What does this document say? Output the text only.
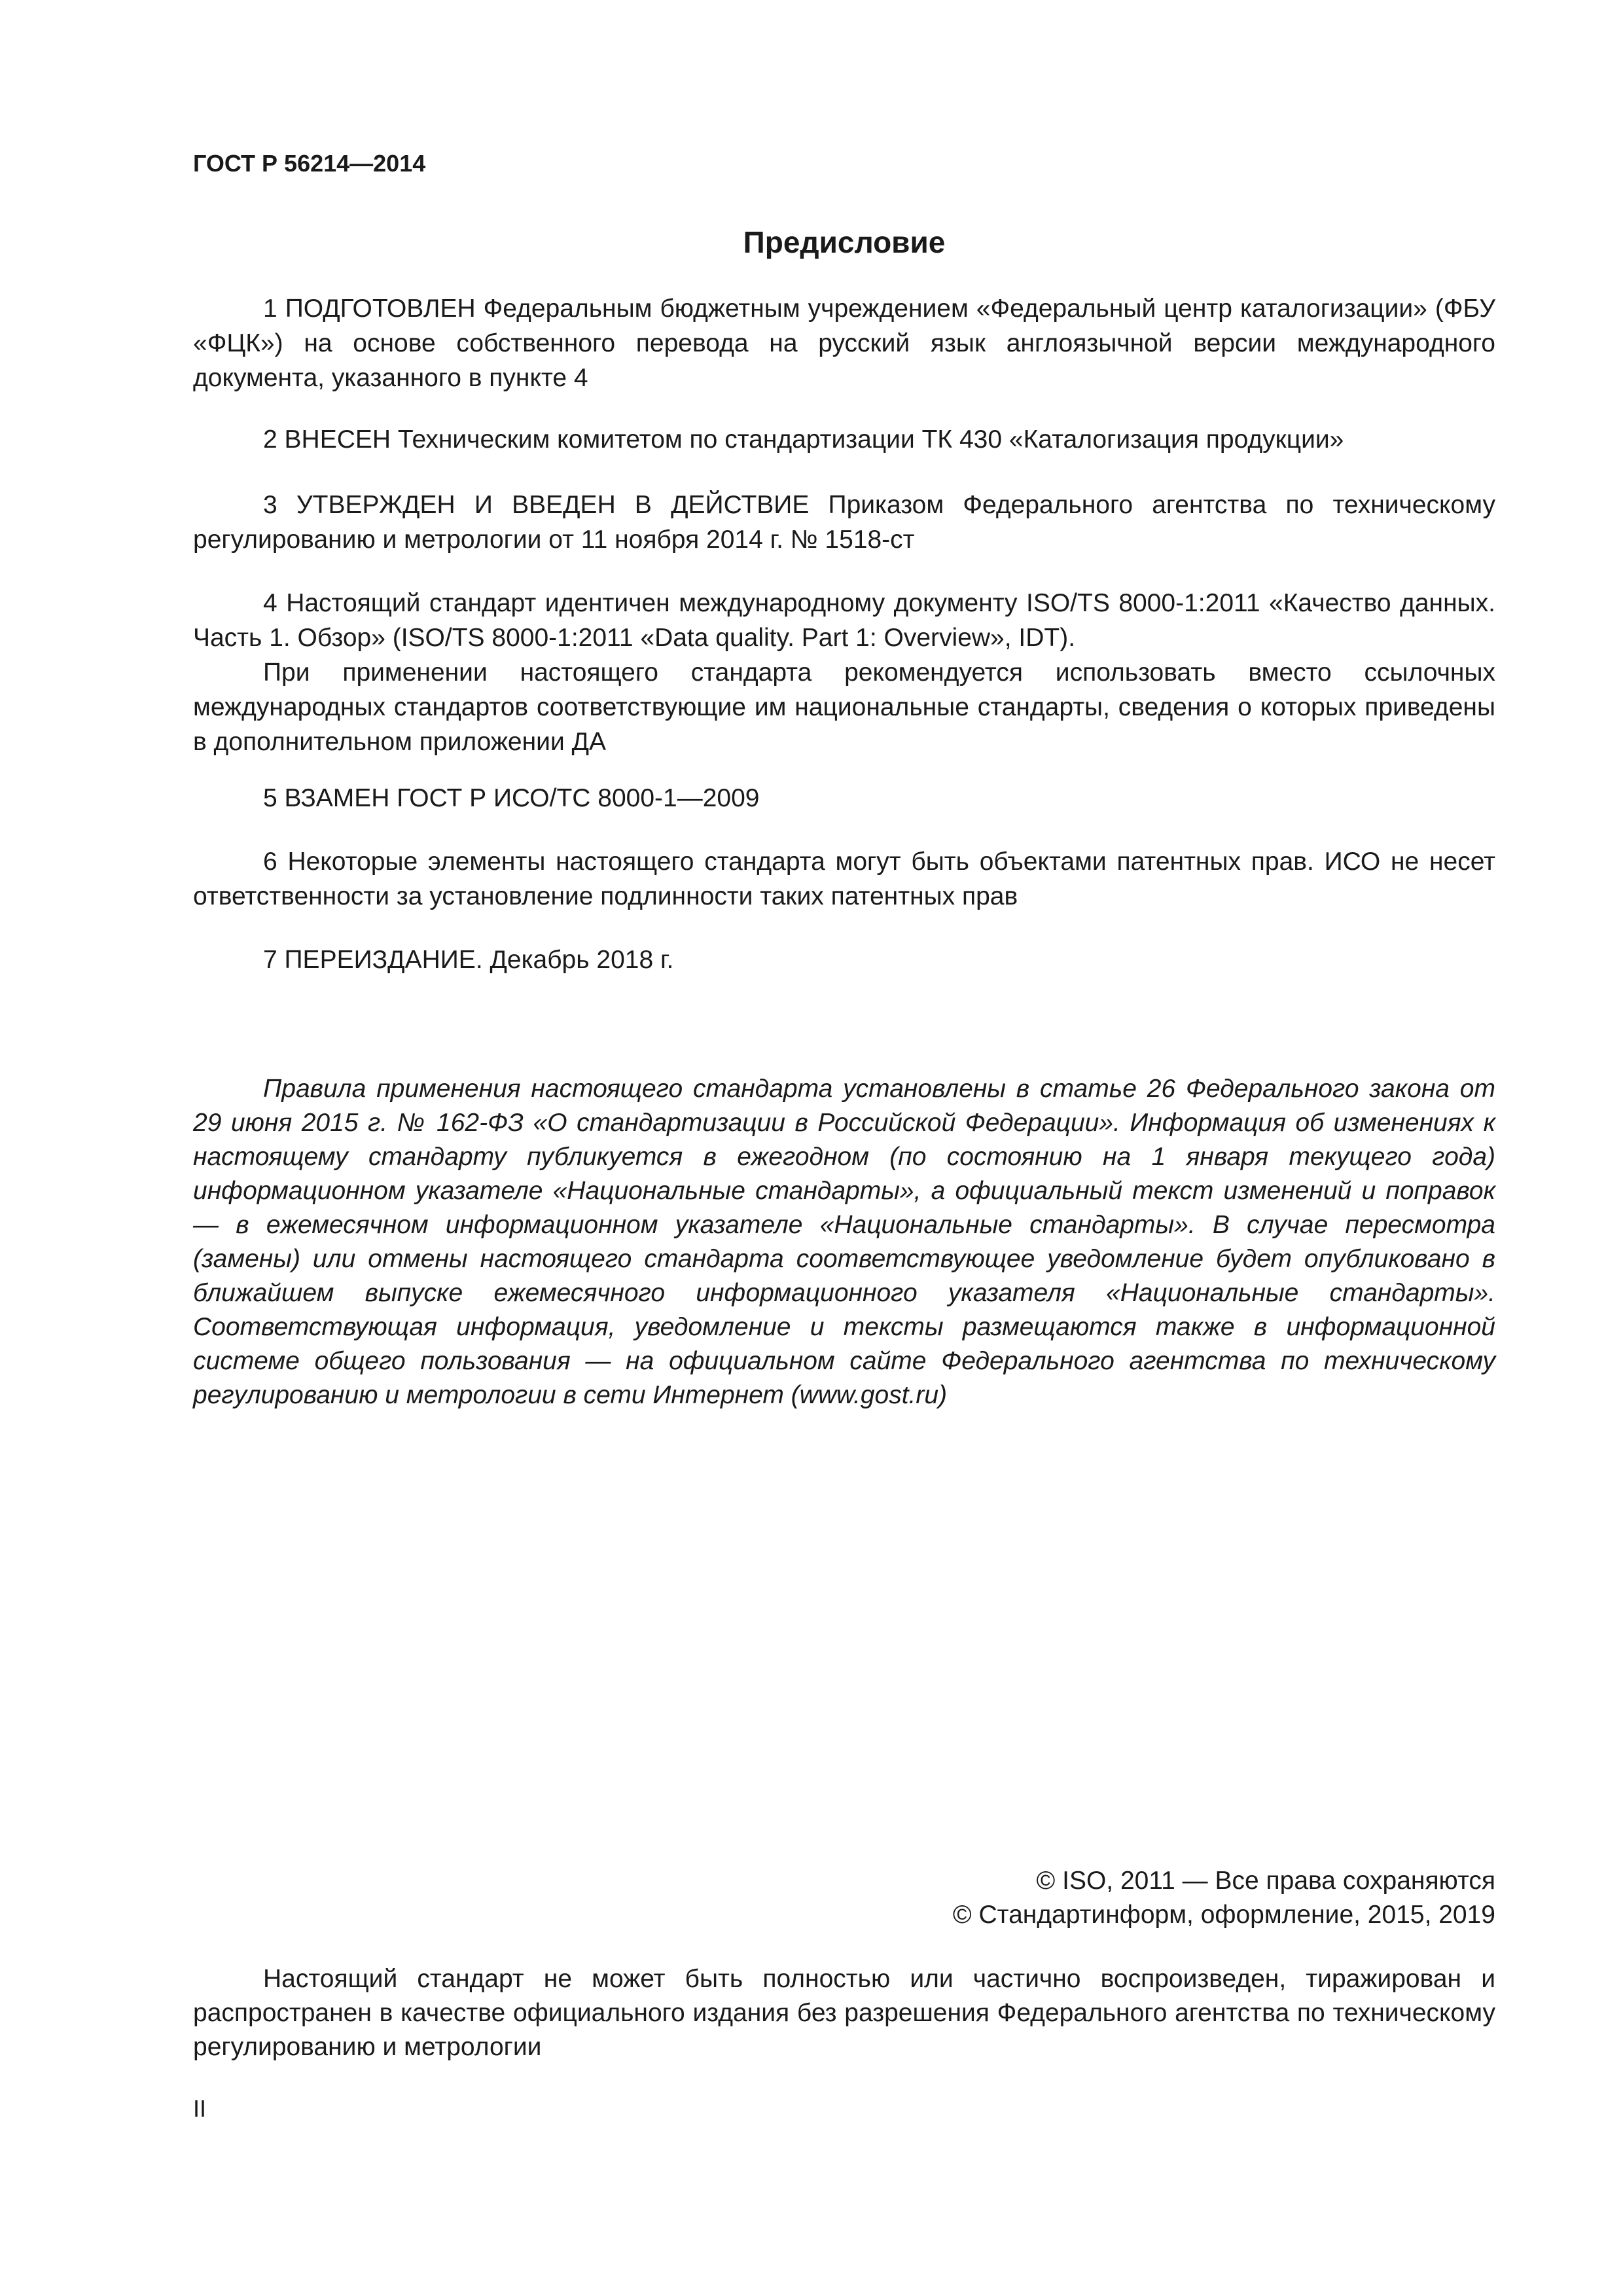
ГОСТ Р 56214—2014
Предисловие

1 ПОДГОТОВЛЕН Федеральным бюджетным учреждением «Федеральный центр каталогизации» (ФБУ «ФЦК») на основе собственного перевода на русский язык англоязычной версии международного документа, указанного в пункте 4

2 ВНЕСЕН Техническим комитетом по стандартизации ТК 430 «Каталогизация продукции»

3 УТВЕРЖДЕН И ВВЕДЕН В ДЕЙСТВИЕ Приказом Федерального агентства по техническому регулированию и метрологии от 11 ноября 2014 г. № 1518-ст

4 Настоящий стандарт идентичен международному документу ISO/TS 8000-1:2011 «Качество данных. Часть 1. Обзор» (ISO/TS 8000-1:2011 «Data quality. Part 1: Overview», IDT).

При применении настоящего стандарта рекомендуется использовать вместо ссылочных международных стандартов соответствующие им национальные стандарты, сведения о которых приведены в дополнительном приложении ДА

5 ВЗАМЕН ГОСТ Р ИСО/ТС 8000-1—2009

6 Некоторые элементы настоящего стандарта могут быть объектами патентных прав. ИСО не несет ответственности за установление подлинности таких патентных прав

7 ПЕРЕИЗДАНИЕ. Декабрь 2018 г.

Правила применения настоящего стандарта установлены в статье 26 Федерального закона от 29 июня 2015 г. № 162-ФЗ «О стандартизации в Российской Федерации». Информация об изменениях к настоящему стандарту публикуется в ежегодном (по состоянию на 1 января текущего года) информационном указателе «Национальные стандарты», а официальный текст изменений и поправок — в ежемесячном информационном указателе «Национальные стандарты». В случае пересмотра (замены) или отмены настоящего стандарта соответствующее уведомление будет опубликовано в ближайшем выпуске ежемесячного информационного указателя «Национальные стандарты». Соответствующая информация, уведомление и тексты размещаются также в информационной системе общего пользования — на официальном сайте Федерального агентства по техническому регулированию и метрологии в сети Интернет (www.gost.ru)

© ISO, 2011 — Все права сохраняются
© Стандартинформ, оформление, 2015, 2019

Настоящий стандарт не может быть полностью или частично воспроизведен, тиражирован и распространен в качестве официального издания без разрешения Федерального агентства по техническому регулированию и метрологии

II
